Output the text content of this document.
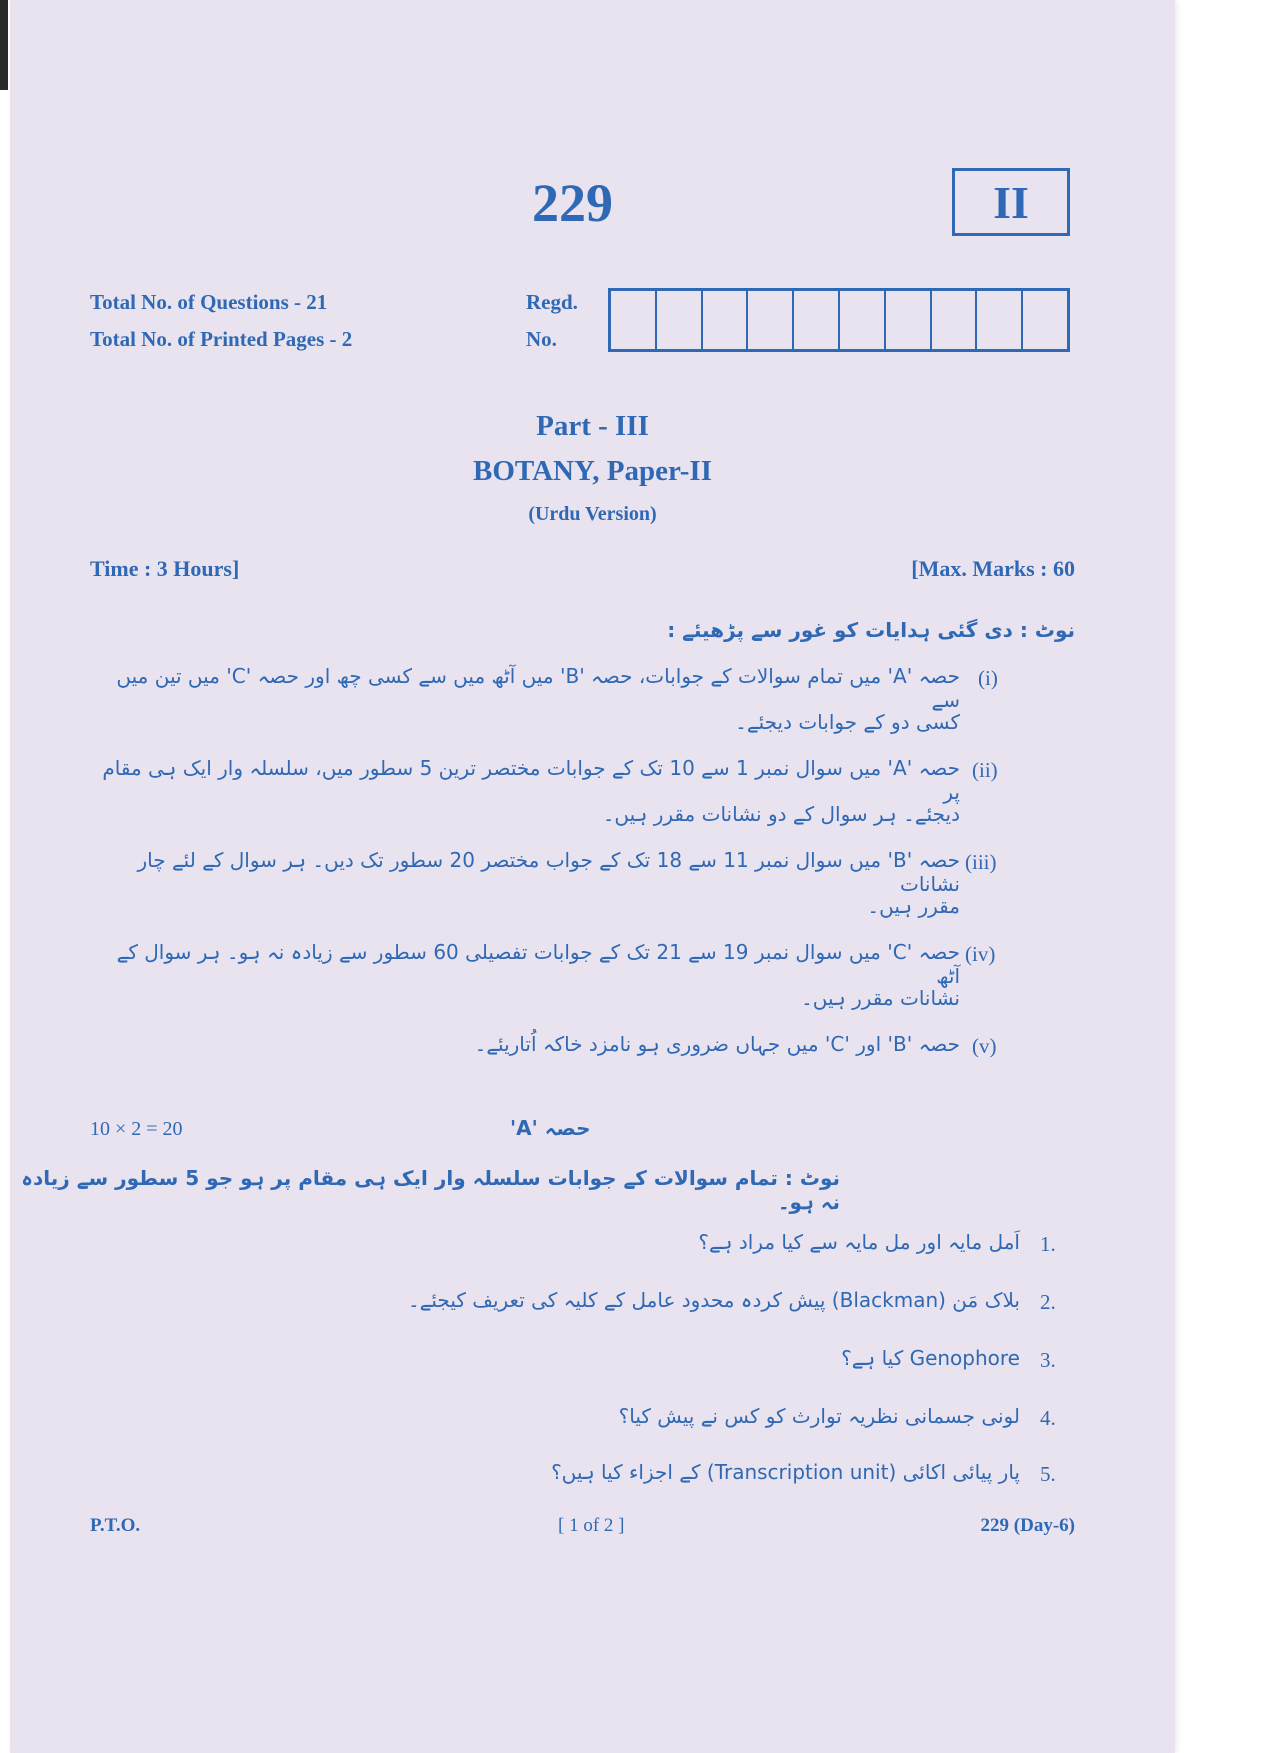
229	II
Total No. of Questions - 21
Total No. of Printed Pages - 2
Regd.
No.
Part - III
BOTANY, Paper-II
(Urdu Version)
Time : 3 Hours]	[Max. Marks : 60
نوٹ : دی گئی ہدایات کو غور سے پڑھیئے :
(i)
حصہ 'A' میں تمام سوالات کے جوابات، حصہ 'B' میں آٹھ میں سے کسی چھ اور حصہ 'C' میں تین میں سے
کسی دو کے جوابات دیجئے۔
(ii)
حصہ 'A' میں سوال نمبر 1 سے 10 تک کے جوابات مختصر ترین 5 سطور میں، سلسلہ وار ایک ہی مقام پر
دیجئے۔ ہر سوال کے دو نشانات مقرر ہیں۔
(iii)
حصہ 'B' میں سوال نمبر 11 سے 18 تک کے جواب مختصر 20 سطور تک دیں۔ ہر سوال کے لئے چار نشانات
مقرر ہیں۔
(iv)
حصہ 'C' میں سوال نمبر 19 سے 21 تک کے جوابات تفصیلی 60 سطور سے زیادہ نہ ہو۔ ہر سوال کے آٹھ
نشانات مقرر ہیں۔
(v)
حصہ 'B' اور 'C' میں جہاں ضروری ہو نامزد خاکہ اُتاریئے۔
10 × 2 = 20	حصہ 'A'
نوٹ : تمام سوالات کے جوابات سلسلہ وار ایک ہی مقام پر ہو جو 5 سطور سے زیادہ نہ ہو۔
1.
اَمل مایہ اور مل مایہ سے کیا مراد ہے؟
2.
بلاک مَن (Blackman) پیش کردہ محدود عامل کے کلیہ کی تعریف کیجئے۔
3.
Genophore کیا ہے؟
4.
لونی جسمانی نظریہ توارث کو کس نے پیش کیا؟
5.
پار پیائی اکائی (Transcription unit) کے اجزاء کیا ہیں؟
P.T.O.	[ 1 of 2 ]	229 (Day-6)
